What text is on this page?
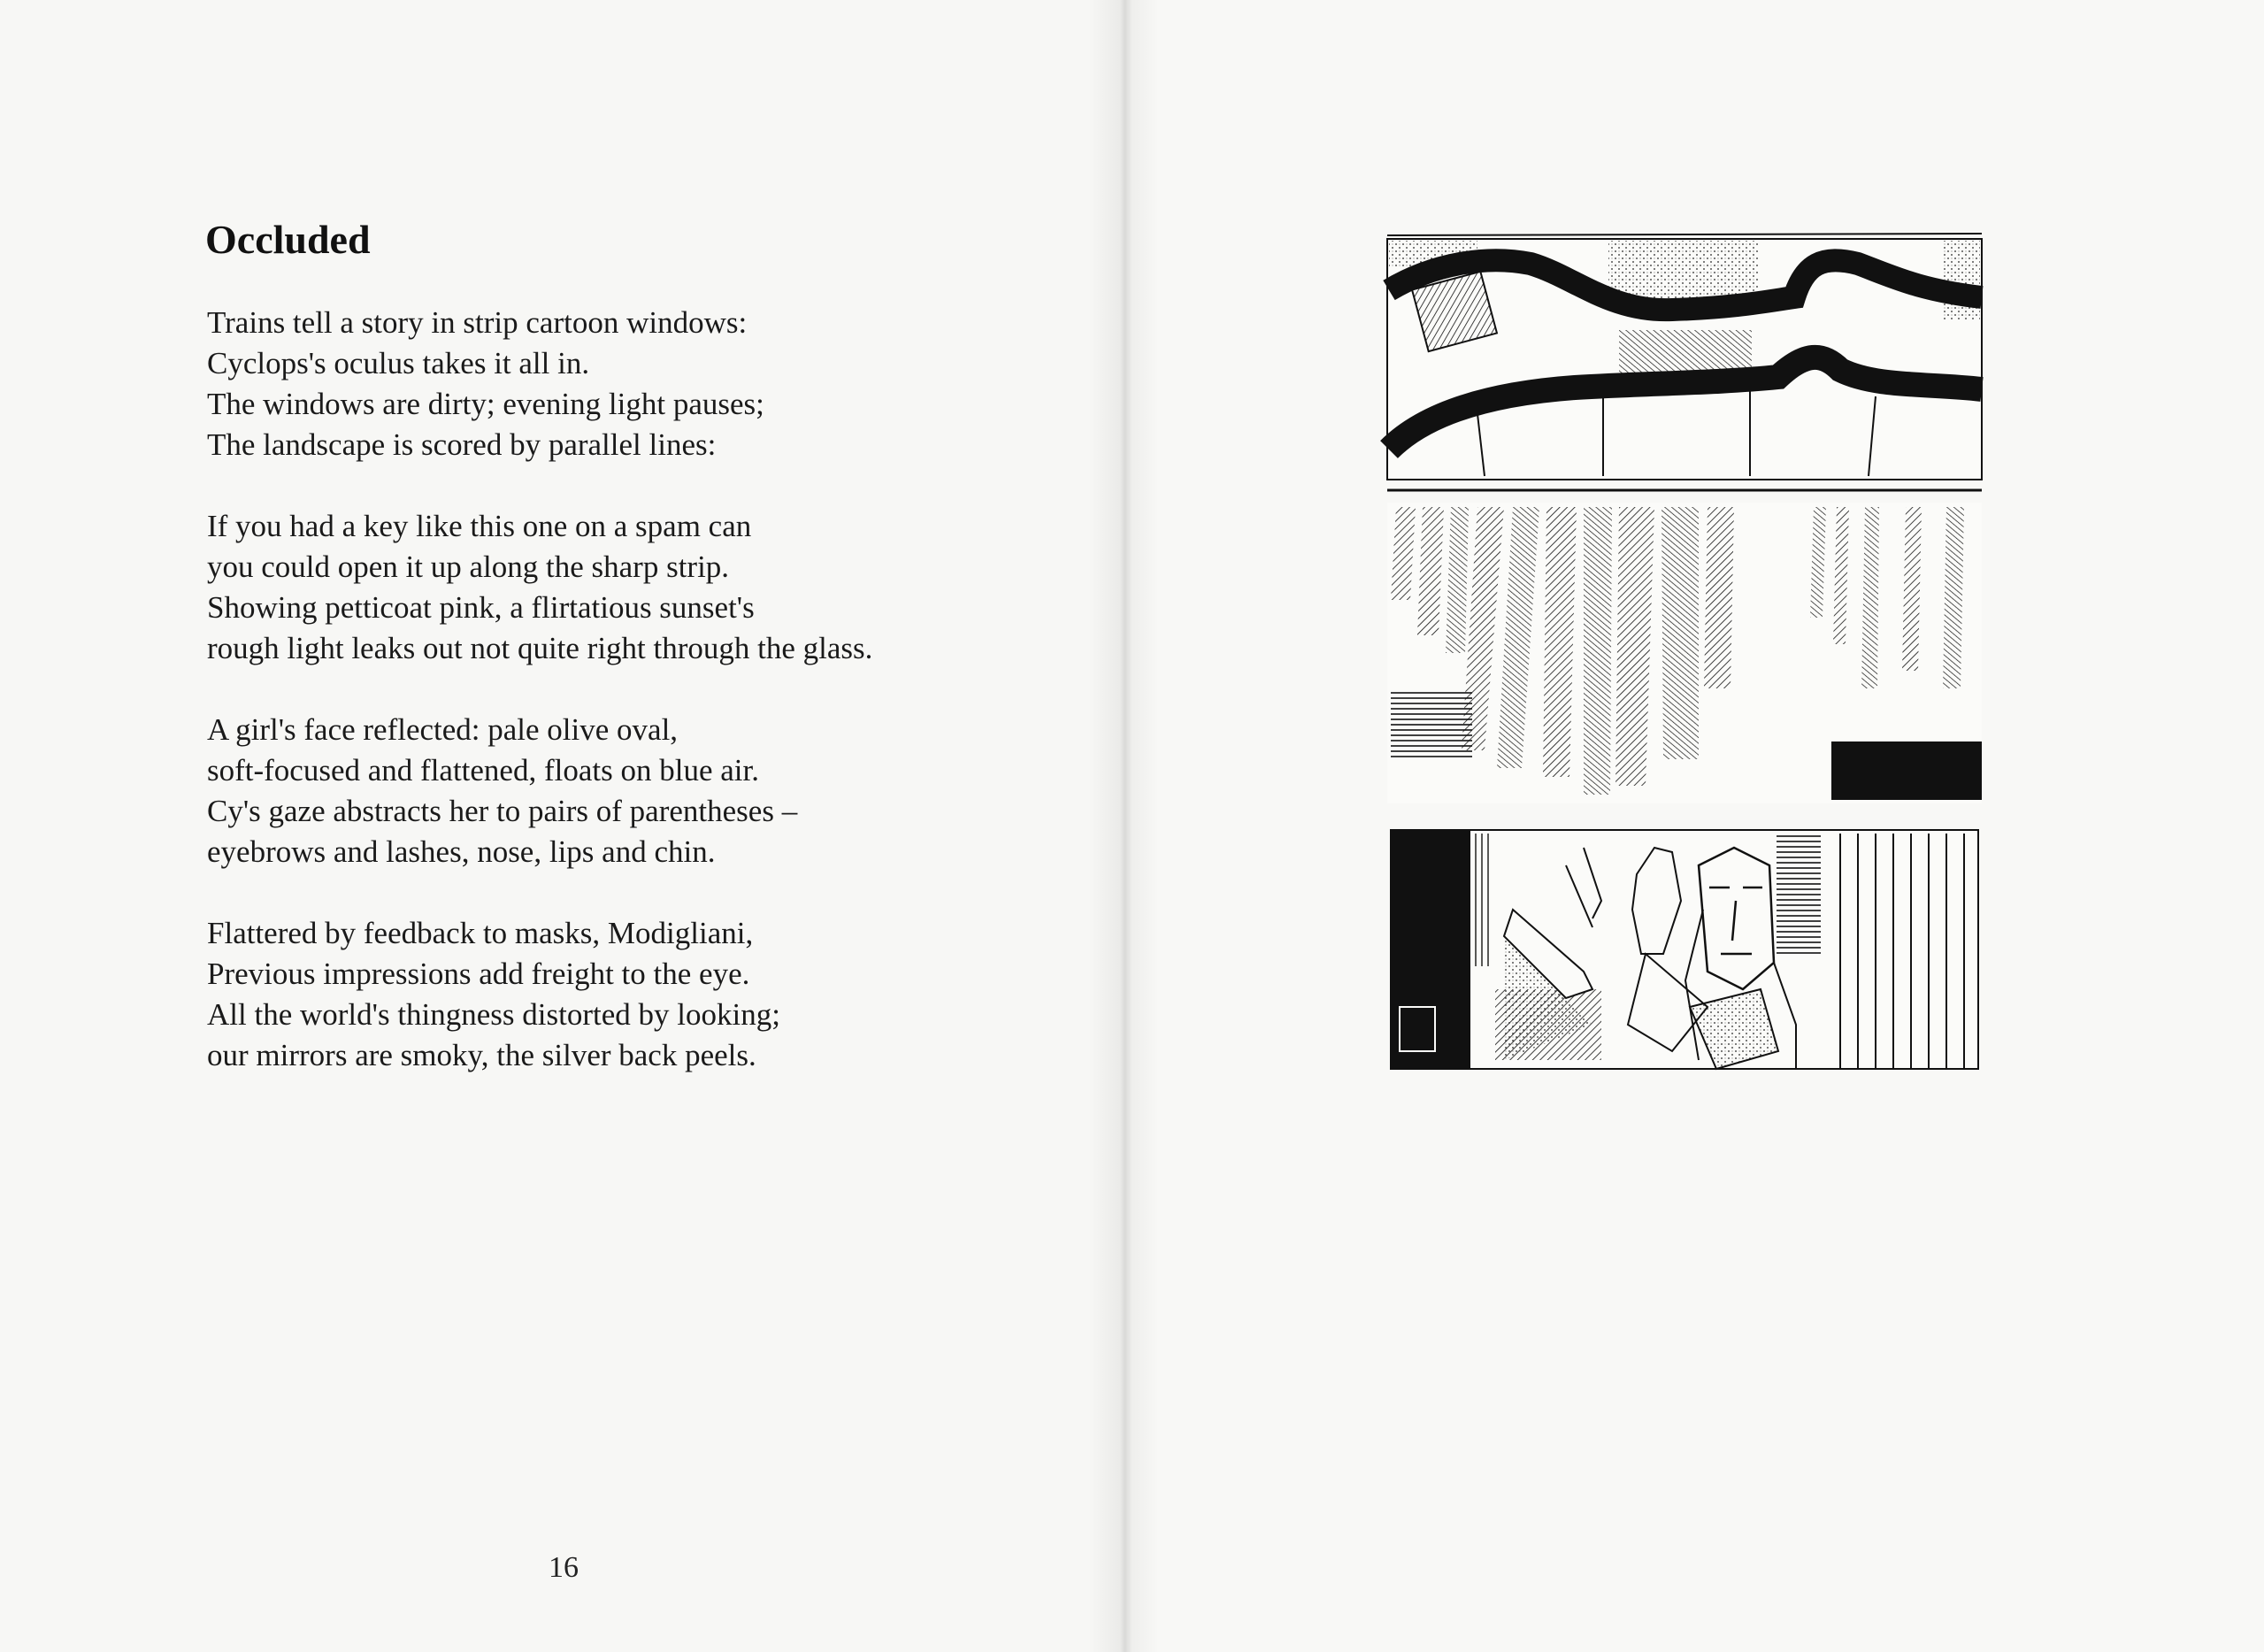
Occluded
Trains tell a story in strip cartoon windows:
Cyclops's oculus takes it all in.
The windows are dirty; evening light pauses;
The landscape is scored by parallel lines:
If you had a key like this one on a spam can
you could open it up along the sharp strip.
Showing petticoat pink, a flirtatious sunset's
rough light leaks out not quite right through the glass.
A girl's face reflected: pale olive oval,
soft-focused and flattened, floats on blue air.
Cy's gaze abstracts her to pairs of parentheses –
eyebrows and lashes, nose, lips and chin.
Flattered by feedback to masks, Modigliani,
Previous impressions add freight to the eye.
All the world's thingness distorted by looking;
our mirrors are smoky, the silver back peels.
16
